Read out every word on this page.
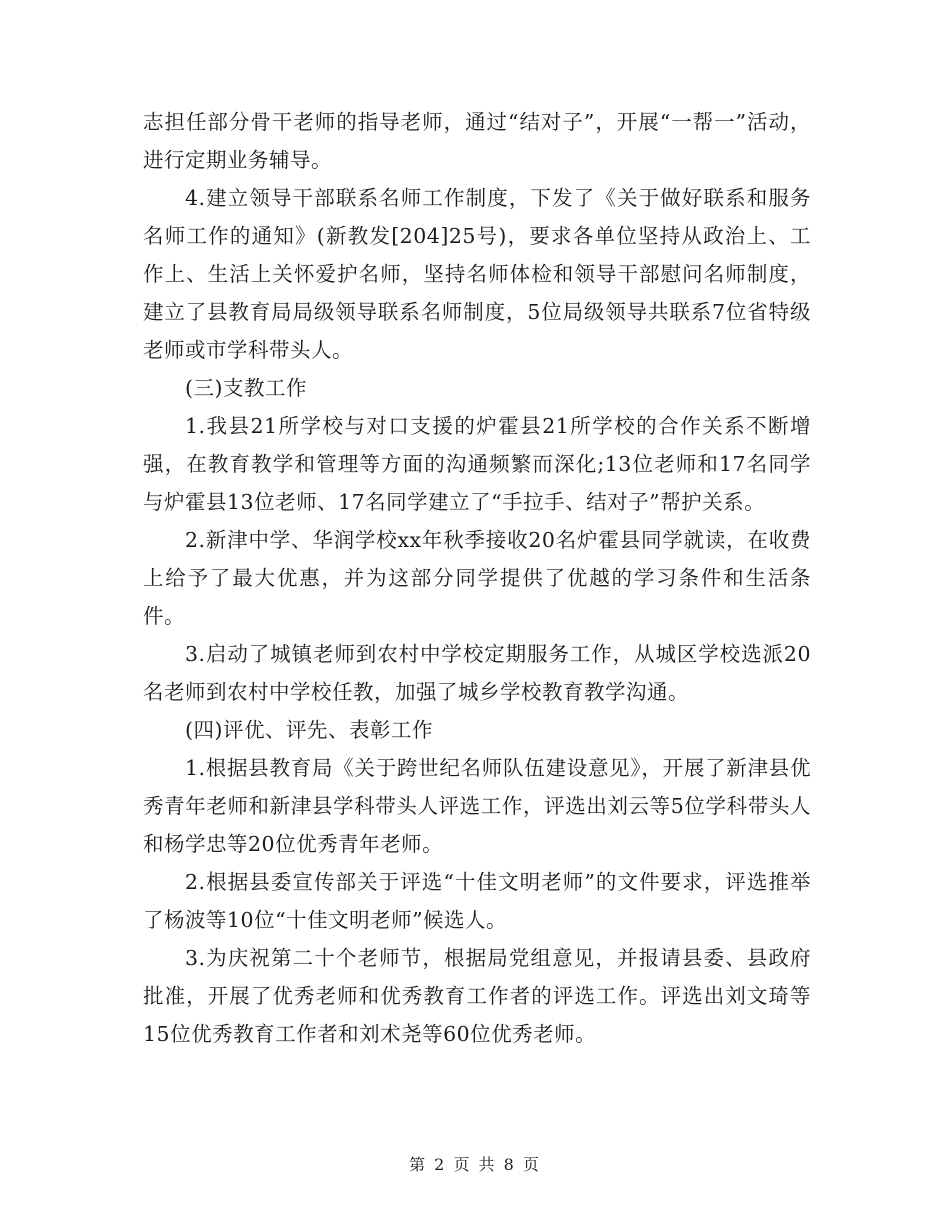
志担任部分骨干老师的指导老师，通过“结对子”，开展“一帮一”活动，进行定期业务辅导。

4.建立领导干部联系名师工作制度，下发了《关于做好联系和服务名师工作的通知》(新教发[204]25号)，要求各单位坚持从政治上、工作上、生活上关怀爱护名师，坚持名师体检和领导干部慰问名师制度，建立了县教育局局级领导联系名师制度，5位局级领导共联系7位省特级老师或市学科带头人。

(三)支教工作

1.我县21所学校与对口支援的炉霍县21所学校的合作关系不断增强，在教育教学和管理等方面的沟通频繁而深化;13位老师和17名同学与炉霍县13位老师、17名同学建立了“手拉手、结对子”帮护关系。

2.新津中学、华润学校xx年秋季接收20名炉霍县同学就读，在收费上给予了最大优惠，并为这部分同学提供了优越的学习条件和生活条件。

3.启动了城镇老师到农村中学校定期服务工作，从城区学校选派20名老师到农村中学校任教，加强了城乡学校教育教学沟通。

(四)评优、评先、表彰工作

1.根据县教育局《关于跨世纪名师队伍建设意见》，开展了新津县优秀青年老师和新津县学科带头人评选工作，评选出刘云等5位学科带头人和杨学忠等20位优秀青年老师。

2.根据县委宣传部关于评选“十佳文明老师”的文件要求，评选推举了杨波等10位“十佳文明老师”候选人。

3.为庆祝第二十个老师节，根据局党组意见，并报请县委、县政府批准，开展了优秀老师和优秀教育工作者的评选工作。评选出刘文琦等15位优秀教育工作者和刘术尧等60位优秀老师。

第 2 页 共 8 页
